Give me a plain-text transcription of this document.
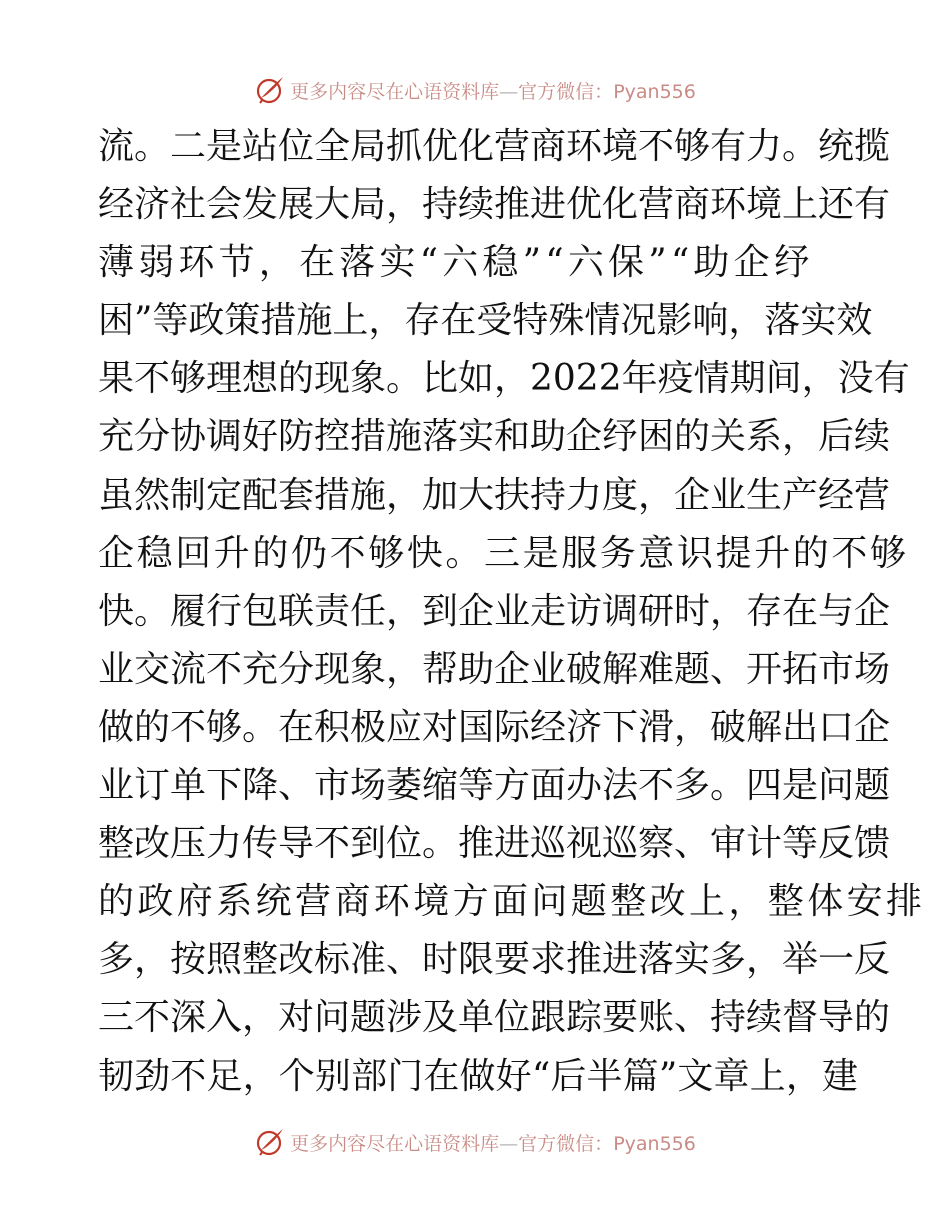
更多内容尽在心语资料库—官方微信：Pyan556
流。二是站位全局抓优化营商环境不够有力。统揽
经济社会发展大局，持续推进优化营商环境上还有
薄弱环节，在落实“六稳”“六保”“助企纾
困”等政策措施上，存在受特殊情况影响，落实效
果不够理想的现象。比如，2022年疫情期间，没有
充分协调好防控措施落实和助企纾困的关系，后续
虽然制定配套措施，加大扶持力度，企业生产经营
企稳回升的仍不够快。三是服务意识提升的不够
快。履行包联责任，到企业走访调研时，存在与企
业交流不充分现象，帮助企业破解难题、开拓市场
做的不够。在积极应对国际经济下滑，破解出口企
业订单下降、市场萎缩等方面办法不多。四是问题
整改压力传导不到位。推进巡视巡察、审计等反馈
的政府系统营商环境方面问题整改上，整体安排
多，按照整改标准、时限要求推进落实多，举一反
三不深入，对问题涉及单位跟踪要账、持续督导的
韧劲不足，个别部门在做好“后半篇”文章上，建
更多内容尽在心语资料库—官方微信：Pyan556
